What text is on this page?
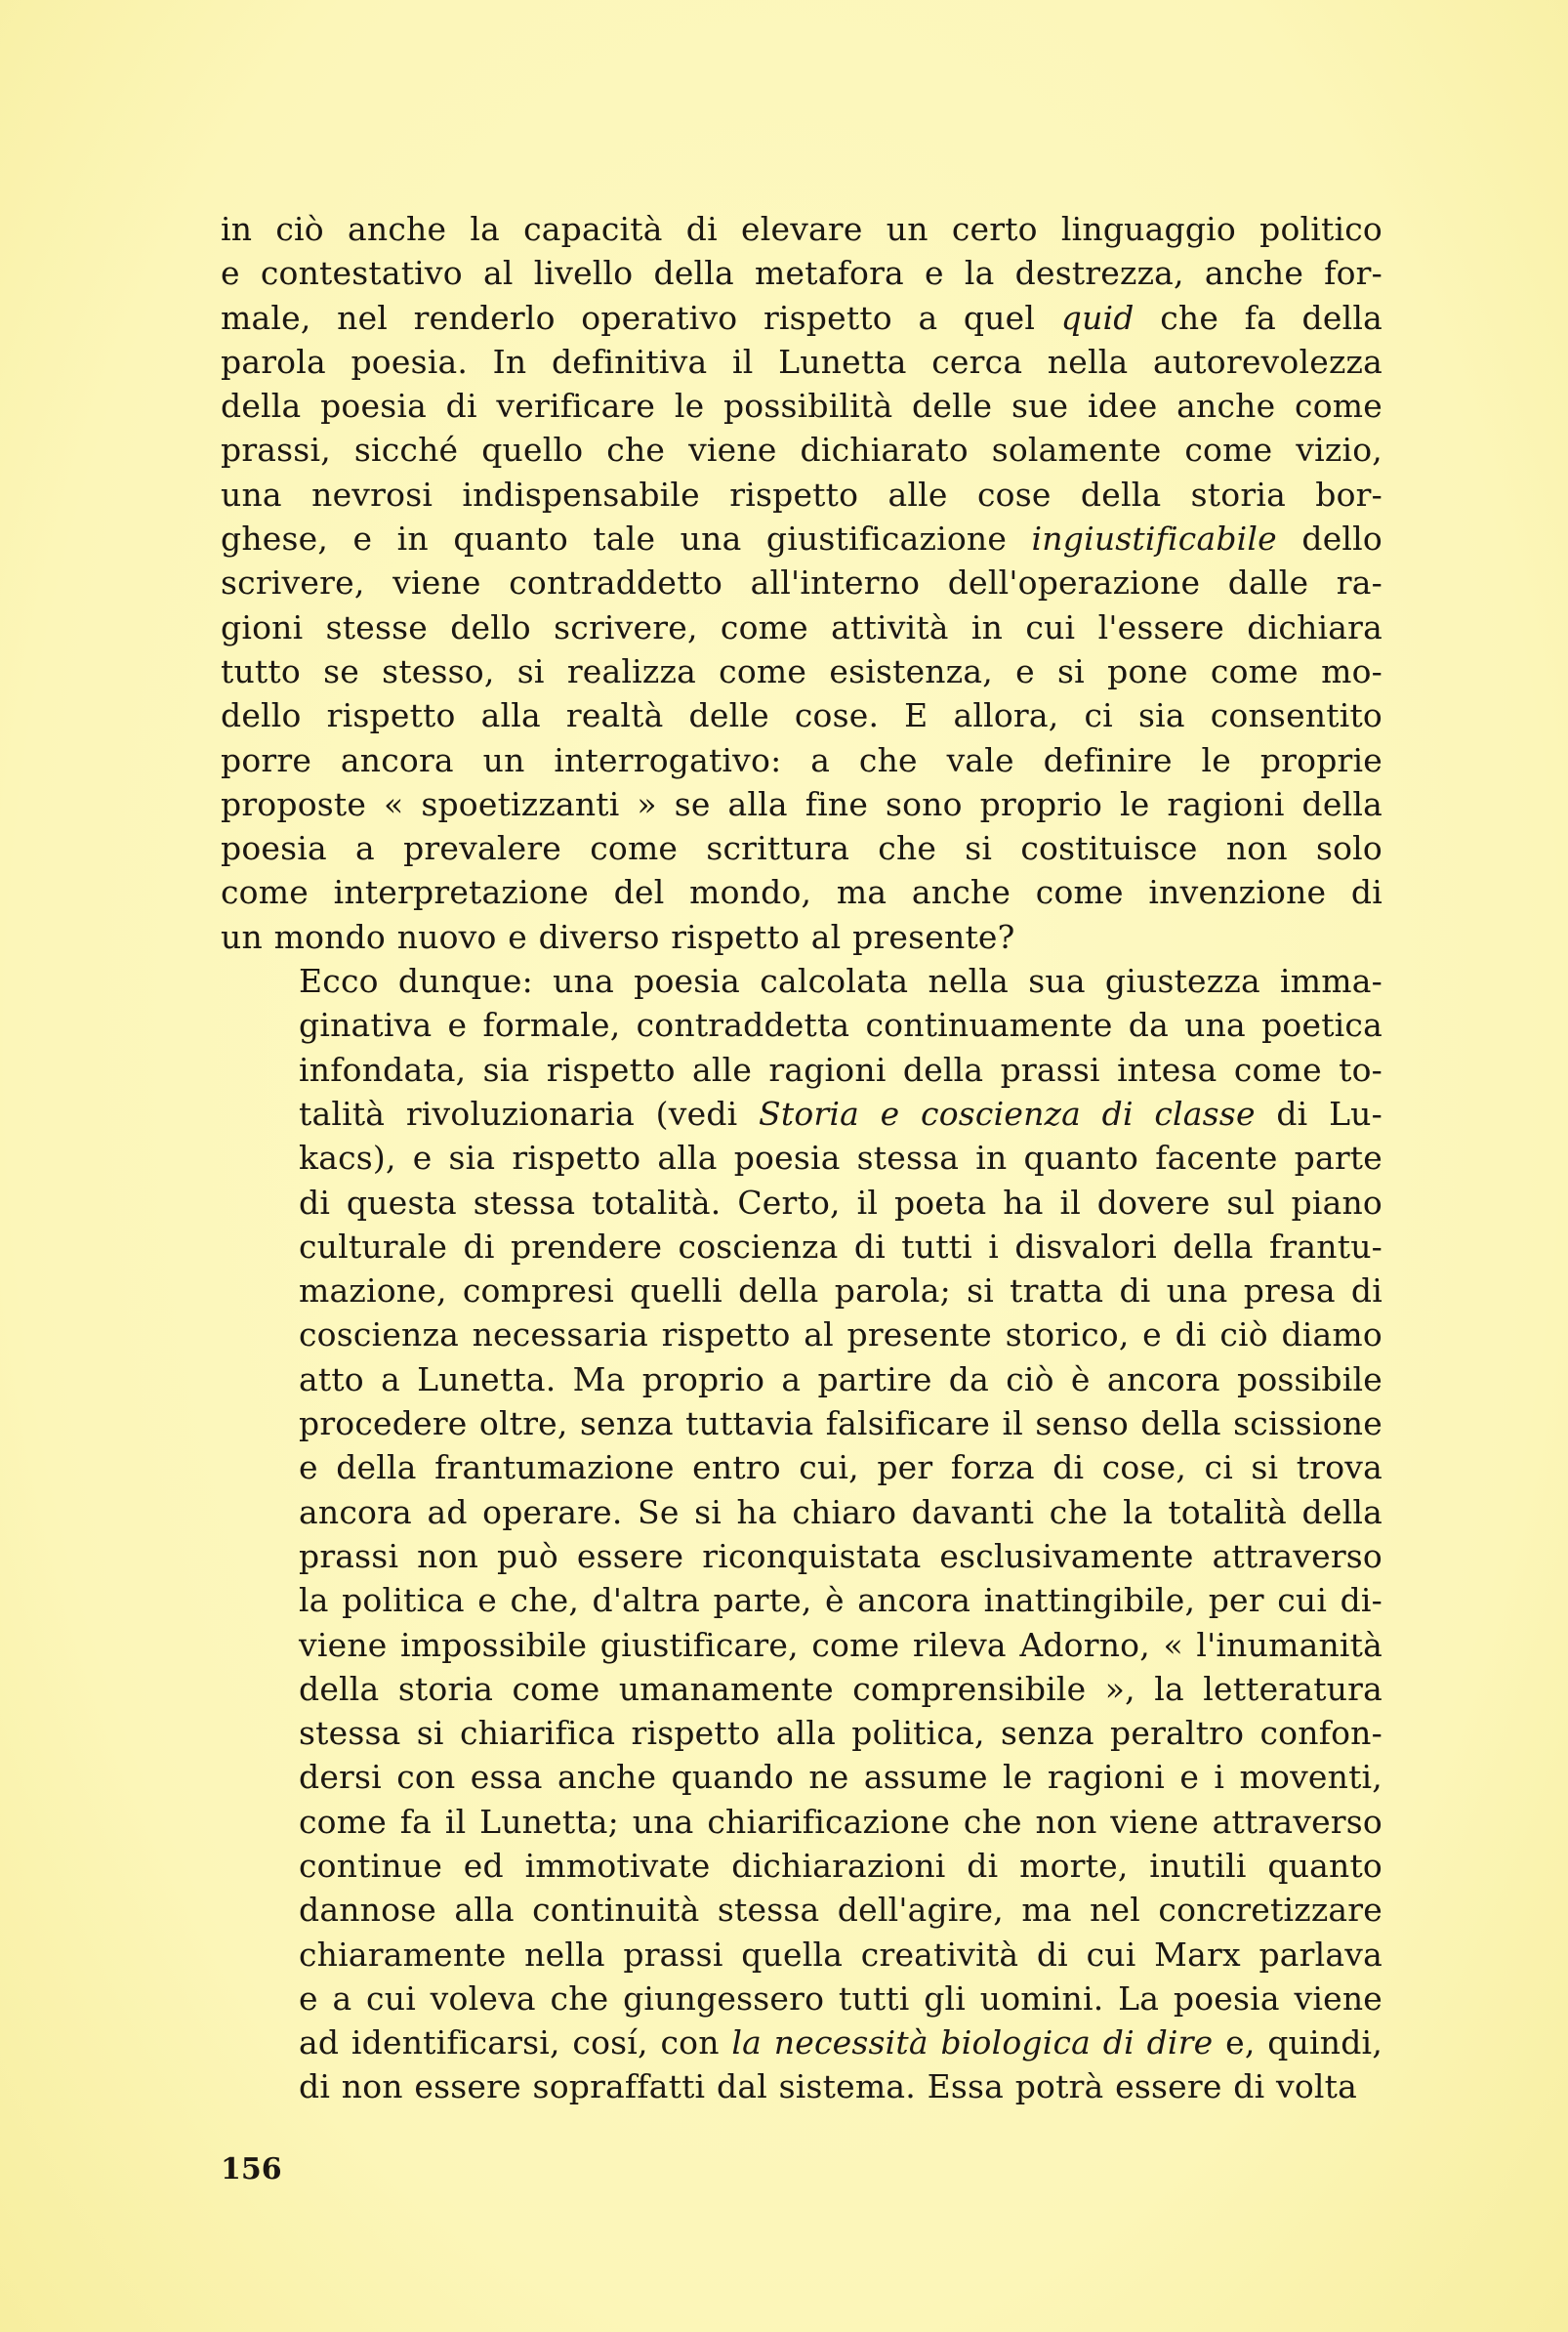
in ciò anche la capacità di elevare un certo linguaggio politico
e contestativo al livello della metafora e la destrezza, anche for-
male, nel renderlo operativo rispetto a quel quid che fa della
parola poesia. In definitiva il Lunetta cerca nella autorevolezza
della poesia di verificare le possibilità delle sue idee anche come
prassi, sicché quello che viene dichiarato solamente come vizio,
una nevrosi indispensabile rispetto alle cose della storia bor-
ghese, e in quanto tale una giustificazione ingiustificabile dello
scrivere, viene contraddetto all'interno dell'operazione dalle ra-
gioni stesse dello scrivere, come attività in cui l'essere dichiara
tutto se stesso, si realizza come esistenza, e si pone come mo-
dello rispetto alla realtà delle cose. E allora, ci sia consentito
porre ancora un interrogativo: a che vale definire le proprie
proposte « spoetizzanti » se alla fine sono proprio le ragioni della
poesia a prevalere come scrittura che si costituisce non solo
come interpretazione del mondo, ma anche come invenzione di
un mondo nuovo e diverso rispetto al presente?

Ecco dunque: una poesia calcolata nella sua giustezza imma-
ginativa e formale, contraddetta continuamente da una poetica
infondata, sia rispetto alle ragioni della prassi intesa come to-
talità rivoluzionaria (vedi Storia e coscienza di classe di Lu-
kacs), e sia rispetto alla poesia stessa in quanto facente parte
di questa stessa totalità. Certo, il poeta ha il dovere sul piano
culturale di prendere coscienza di tutti i disvalori della frantu-
mazione, compresi quelli della parola; si tratta di una presa di
coscienza necessaria rispetto al presente storico, e di ciò diamo
atto a Lunetta. Ma proprio a partire da ciò è ancora possibile
procedere oltre, senza tuttavia falsificare il senso della scissione
e della frantumazione entro cui, per forza di cose, ci si trova
ancora ad operare. Se si ha chiaro davanti che la totalità della
prassi non può essere riconquistata esclusivamente attraverso
la politica e che, d'altra parte, è ancora inattingibile, per cui di-
viene impossibile giustificare, come rileva Adorno, « l'inumanità
della storia come umanamente comprensibile », la letteratura
stessa si chiarifica rispetto alla politica, senza peraltro confon-
dersi con essa anche quando ne assume le ragioni e i moventi,
come fa il Lunetta; una chiarificazione che non viene attraverso
continue ed immotivate dichiarazioni di morte, inutili quanto
dannose alla continuità stessa dell'agire, ma nel concretizzare
chiaramente nella prassi quella creatività di cui Marx parlava
e a cui voleva che giungessero tutti gli uomini. La poesia viene
ad identificarsi, cosí, con la necessità biologica di dire e, quindi,
di non essere sopraffatti dal sistema. Essa potrà essere di volta

156
